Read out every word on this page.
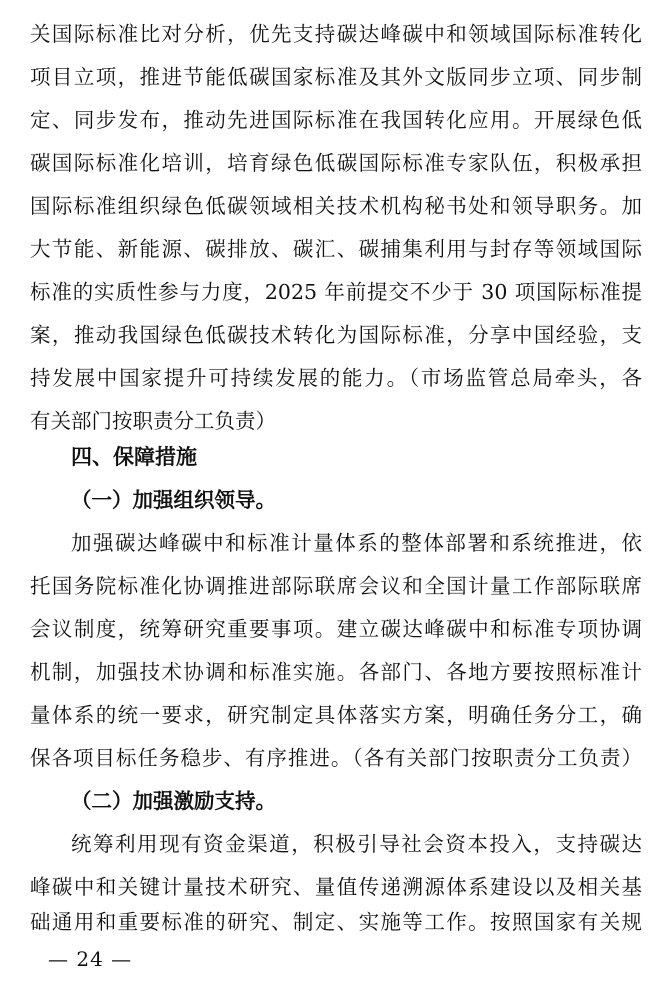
关国际标准比对分析，优先支持碳达峰碳中和领域国际标准转化
项目立项，推进节能低碳国家标准及其外文版同步立项、同步制
定、同步发布，推动先进国际标准在我国转化应用。开展绿色低
碳国际标准化培训，培育绿色低碳国际标准专家队伍，积极承担
国际标准组织绿色低碳领域相关技术机构秘书处和领导职务。加
大节能、新能源、碳排放、碳汇、碳捕集利用与封存等领域国际
标准的实质性参与力度，2025 年前提交不少于 30 项国际标准提
案，推动我国绿色低碳技术转化为国际标准，分享中国经验，支
持发展中国家提升可持续发展的能力。（市场监管总局牵头，各
有关部门按职责分工负责）
四、保障措施
（一）加强组织领导。
加强碳达峰碳中和标准计量体系的整体部署和系统推进，依
托国务院标准化协调推进部际联席会议和全国计量工作部际联席
会议制度，统筹研究重要事项。建立碳达峰碳中和标准专项协调
机制，加强技术协调和标准实施。各部门、各地方要按照标准计
量体系的统一要求，研究制定具体落实方案，明确任务分工，确
保各项目标任务稳步、有序推进。（各有关部门按职责分工负责）
（二）加强激励支持。
统筹利用现有资金渠道，积极引导社会资本投入，支持碳达
峰碳中和关键计量技术研究、量值传递溯源体系建设以及相关基
础通用和重要标准的研究、制定、实施等工作。按照国家有关规
— 24 —
